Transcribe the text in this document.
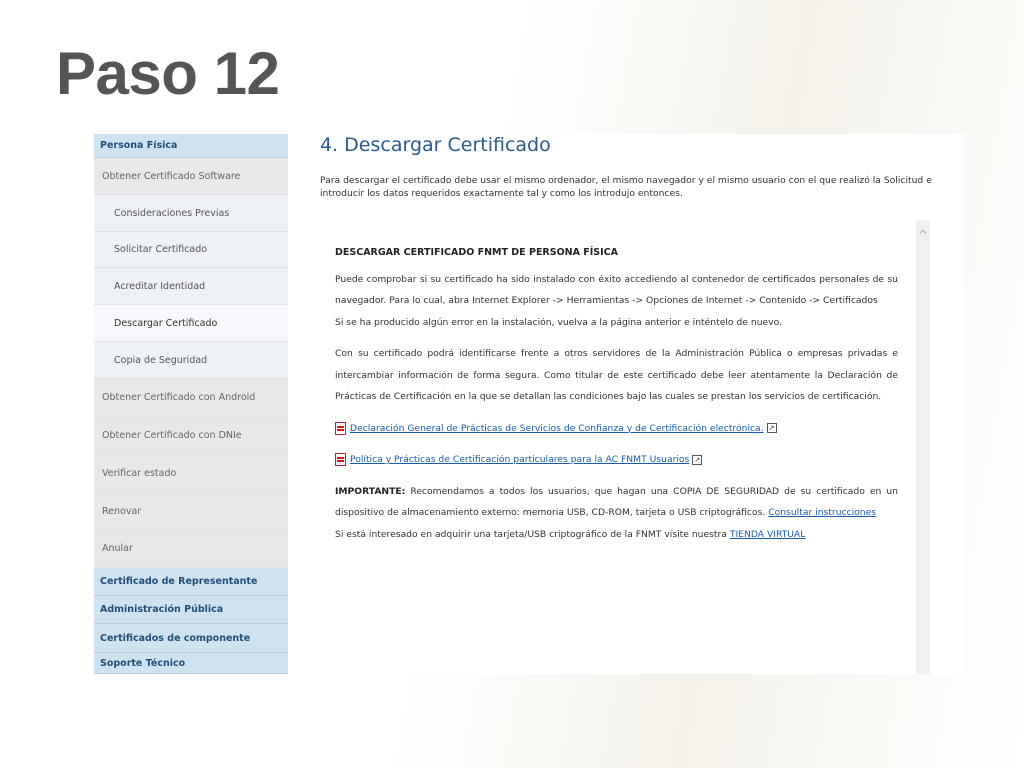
Paso 12
Persona Física
Obtener Certificado Software
Consideraciones Previas
Solicitar Certificado
Acreditar Identidad
Descargar Certificado
Copia de Seguridad
Obtener Certificado con Android
Obtener Certificado con DNIe
Verificar estado
Renovar
Anular
Certificado de Representante
Administración Pública
Certificados de componente
Soporte Técnico
4. Descargar Certificado
Para descargar el certificado debe usar el mismo ordenador, el mismo navegador y el mismo usuario con el que realizó la Solicitud e introducir los datos requeridos exactamente tal y como los introdujo entonces.
DESCARGAR CERTIFICADO FNMT DE PERSONA FÍSICA

Puede comprobar si su certificado ha sido instalado con éxito accediendo al contenedor de certificados personales de su navegador. Para lo cual, abra Internet Explorer -> Herramientas -> Opciones de Internet -> Contenido -> Certificados
Si se ha producido algún error en la instalación, vuelva a la página anterior e inténtelo de nuevo.

Con su certificado podrá identificarse frente a otros servidores de la Administración Pública o empresas privadas e intercambiar información de forma segura. Como titular de este certificado debe leer atentamente la Declaración de Prácticas de Certificación en la que se detallan las condiciones bajo las cuales se prestan los servicios de certificación.

Declaración General de Prácticas de Servicios de Confianza y de Certificación electrónica. ↗
Política y Prácticas de Certificación particulares para la AC FNMT Usuarios ↗

IMPORTANTE: Recomendamos a todos los usuarios, que hagan una COPIA DE SEGURIDAD de su certificado en un dispositivo de almacenamiento externo: memoria USB, CD-ROM, tarjeta o USB criptográficos. Consultar instrucciones
Si está interesado en adquirir una tarjeta/USB criptográfico de la FNMT visite nuestra TIENDA VIRTUAL

^
